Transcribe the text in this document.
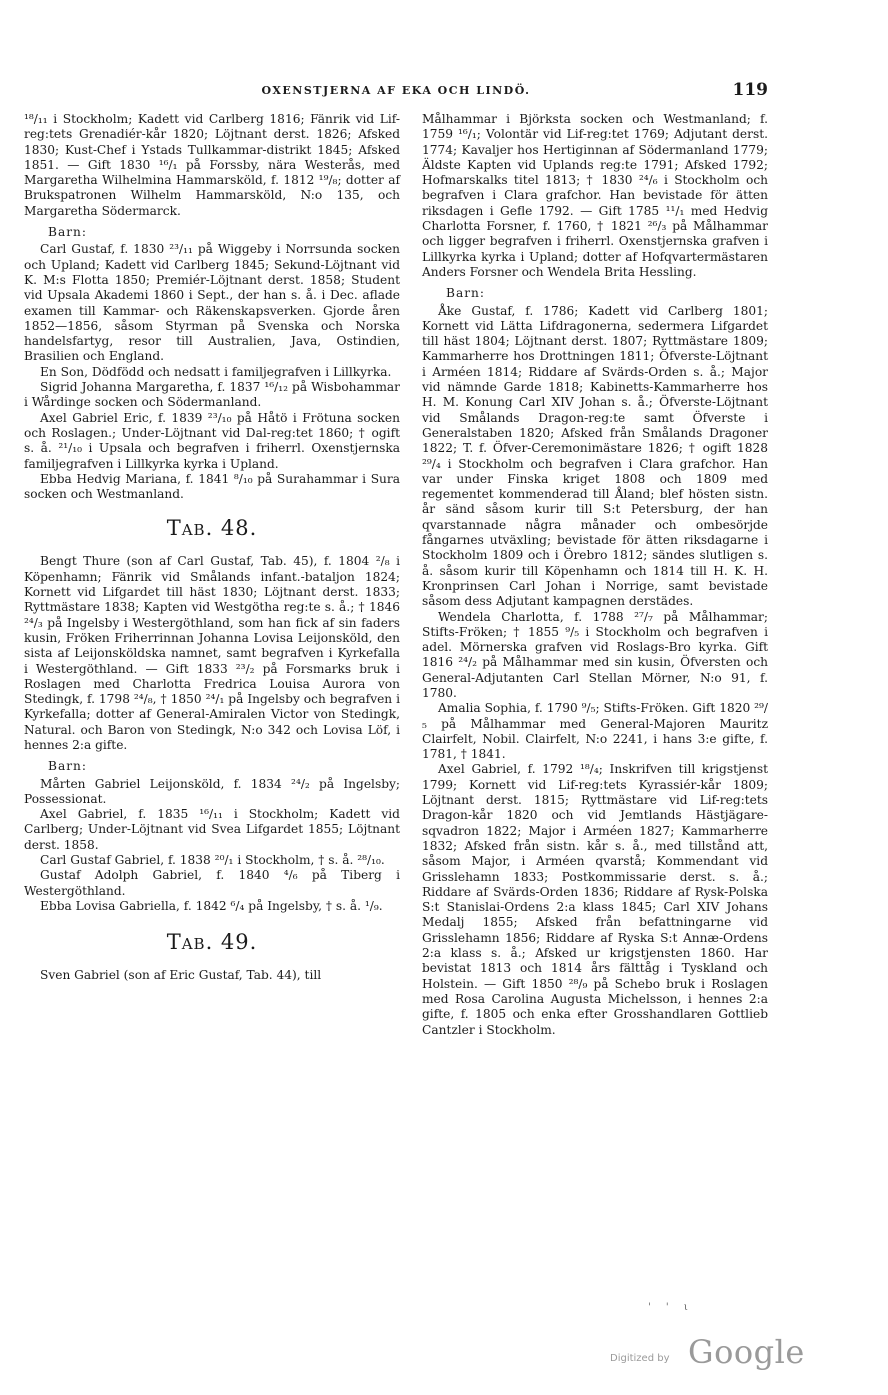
OXENSTJERNA AF EKA OCH LINDÖ.	119

¹⁸/₁₁ i Stockholm; Kadett vid Carlberg 1816; Fänrik vid Lif-reg:tets Grenadiér-kår 1820; Löjtnant derst. 1826; Afsked 1830; Kust-Chef i Ystads Tullkammar-distrikt 1845; Afsked 1851. — Gift 1830 ¹⁶/₁ på Forssby, nära Westerås, med Margaretha Wilhelmina Hammarsköld, f. 1812 ¹⁹/₈; dotter af Brukspatronen Wilhelm Hammarsköld, N:o 135, och Margaretha Södermarck.

Barn:

Carl Gustaf, f. 1830 ²³/₁₁ på Wiggeby i Norrsunda socken och Upland; Kadett vid Carlberg 1845; Sekund-Löjtnant vid K. M:s Flotta 1850; Premiér-Löjtnant derst. 1858; Student vid Upsala Akademi 1860 i Sept., der han s. å. i Dec. aflade examen till Kammar- och Räkenskapsverken. Gjorde åren 1852—1856, såsom Styrman på Svenska och Norska handelsfartyg, resor till Australien, Java, Ostindien, Brasilien och England.

En Son, Dödfödd och nedsatt i familjegrafven i Lillkyrka.

Sigrid Johanna Margaretha, f. 1837 ¹⁶/₁₂ på Wisbohammar i Wårdinge socken och Södermanland.

Axel Gabriel Eric, f. 1839 ²³/₁₀ på Håtö i Frötuna socken och Roslagen.; Under-Löjtnant vid Dal-reg:tet 1860; † ogift s. å. ²¹/₁₀ i Upsala och begrafven i friherrl. Oxenstjernska familjegrafven i Lillkyrka kyrka i Upland.

Ebba Hedvig Mariana, f. 1841 ⁸/₁₀ på Surahammar i Sura socken och Westmanland.

TAB. 48.

Bengt Thure (son af Carl Gustaf, Tab. 45), f. 1804 ²/₈ i Köpenhamn; Fänrik vid Smålands infant.-bataljon 1824; Kornett vid Lifgardet till häst 1830; Löjtnant derst. 1833; Ryttmästare 1838; Kapten vid Westgötha reg:te s. å.; † 1846 ²⁴/₃ på Ingelsby i Westergöthland, som han fick af sin faders kusin, Fröken Friherrinnan Johanna Lovisa Leijonsköld, den sista af Leijonsköldska namnet, samt begrafven i Kyrkefalla i Westergöthland. — Gift 1833 ²³/₂ på Forsmarks bruk i Roslagen med Charlotta Fredrica Louisa Aurora von Stedingk, f. 1798 ²⁴/₈, † 1850 ²⁴/₁ på Ingelsby och begrafven i Kyrkefalla; dotter af General-Amiralen Victor von Stedingk, Natural. och Baron von Stedingk, N:o 342 och Lovisa Löf, i hennes 2:a gifte.

Barn:

Mårten Gabriel Leijonsköld, f. 1834 ²⁴/₂ på Ingelsby; Possessionat.

Axel Gabriel, f. 1835 ¹⁶/₁₁ i Stockholm; Kadett vid Carlberg; Under-Löjtnant vid Svea Lifgardet 1855; Löjtnant derst. 1858.

Carl Gustaf Gabriel, f. 1838 ²⁰/₁ i Stockholm, † s. å. ²⁸/₁₀.

Gustaf Adolph Gabriel, f. 1840 ⁴/₆ på Tiberg i Westergöthland.

Ebba Lovisa Gabriella, f. 1842 ⁶/₄ på Ingelsby, † s. å. ¹/₉.

TAB. 49.

Sven Gabriel (son af Eric Gustaf, Tab. 44), till

Målhammar i Björksta socken och Westmanland; f. 1759 ¹⁶/₁; Volontär vid Lif-reg:tet 1769; Adjutant derst. 1774; Kavaljer hos Hertiginnan af Södermanland 1779; Äldste Kapten vid Uplands reg:te 1791; Afsked 1792; Hofmarskalks titel 1813; † 1830 ²⁴/₆ i Stockholm och begrafven i Clara grafchor. Han bevistade för ätten riksdagen i Gefle 1792. — Gift 1785 ¹¹/₁ med Hedvig Charlotta Forsner, f. 1760, † 1821 ²⁶/₃ på Målhammar och ligger begrafven i friherrl. Oxenstjernska grafven i Lillkyrka kyrka i Upland; dotter af Hofqvartermästaren Anders Forsner och Wendela Brita Hessling.

Barn:

Åke Gustaf, f. 1786; Kadett vid Carlberg 1801; Kornett vid Lätta Lifdragonerna, sedermera Lifgardet till häst 1804; Löjtnant derst. 1807; Ryttmästare 1809; Kammarherre hos Drottningen 1811; Öfverste-Löjtnant i Arméen 1814; Riddare af Svärds-Orden s. å.; Major vid nämnde Garde 1818; Kabinetts-Kammarherre hos H. M. Konung Carl XIV Johan s. å.; Öfverste-Löjtnant vid Smålands Dragon-reg:te samt Öfverste i Generalstaben 1820; Afsked från Smålands Dragoner 1822; T. f. Öfver-Ceremonimästare 1826; † ogift 1828 ²⁹/₄ i Stockholm och begrafven i Clara grafchor. Han var under Finska kriget 1808 och 1809 med regementet kommenderad till Åland; blef hösten sistn. år sänd såsom kurir till S:t Petersburg, der han qvarstannade några månader och ombesörjde fångarnes utväxling; bevistade för ätten riksdagarne i Stockholm 1809 och i Örebro 1812; sändes slutligen s. å. såsom kurir till Köpenhamn och 1814 till H. K. H. Kronprinsen Carl Johan i Norrige, samt bevistade såsom dess Adjutant kampagnen derstädes.

Wendela Charlotta, f. 1788 ²⁷/₇ på Målhammar; Stifts-Fröken; † 1855 ⁹/₅ i Stockholm och begrafven i adel. Mörnerska grafven vid Roslags-Bro kyrka. Gift 1816 ²⁴/₂ på Målhammar med sin kusin, Öfversten och General-Adjutanten Carl Stellan Mörner, N:o 91, f. 1780.

Amalia Sophia, f. 1790 ⁹/₅; Stifts-Fröken. Gift 1820 ²⁹/₅ på Målhammar med General-Majoren Mauritz Clairfelt, Nobil. Clairfelt, N:o 2241, i hans 3:e gifte, f. 1781, † 1841.

Axel Gabriel, f. 1792 ¹⁸/₄; Inskrifven till krigstjenst 1799; Kornett vid Lif-reg:tets Kyrassiér-kår 1809; Löjtnant derst. 1815; Ryttmästare vid Lif-reg:tets Dragon-kår 1820 och vid Jemtlands Hästjägare-sqvadron 1822; Major i Arméen 1827; Kammarherre 1832; Afsked från sistn. kår s. å., med tillstånd att, såsom Major, i Arméen qvarstå; Kommendant vid Grisslehamn 1833; Postkommissarie derst. s. å.; Riddare af Svärds-Orden 1836; Riddare af Rysk-Polska S:t Stanislai-Ordens 2:a klass 1845; Carl XIV Johans Medalj 1855; Afsked från befattningarne vid Grisslehamn 1856; Riddare af Ryska S:t Annæ-Ordens 2:a klass s. å.; Afsked ur krigstjensten 1860. Har bevistat 1813 och 1814 års fälttåg i Tyskland och Holstein. — Gift 1850 ²⁸/₉ på Schebo bruk i Roslagen med Rosa Carolina Augusta Michelsson, i hennes 2:a gifte, f. 1805 och enka efter Grosshandlaren Gottlieb Cantzler i Stockholm.

' ' ι
Digitized by Google
